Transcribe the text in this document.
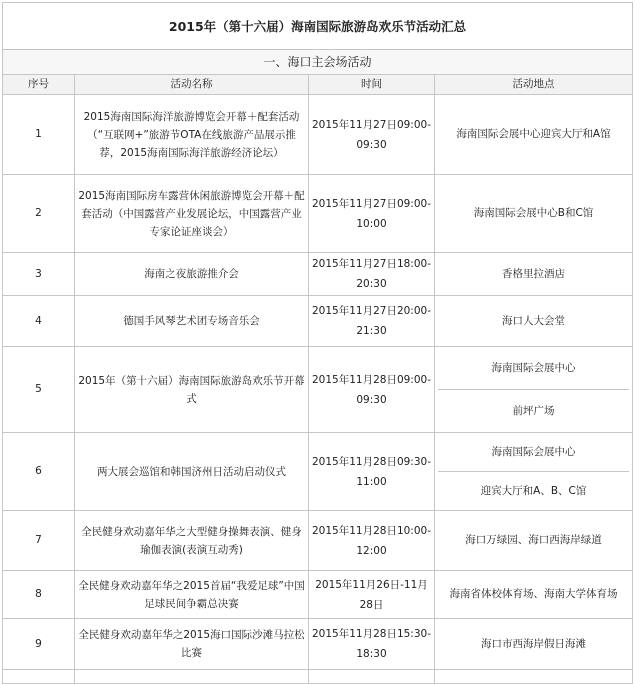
2015年（第十六届）海南国际旅游岛欢乐节活动汇总			
一、海口主会场活动			
序号	活动名称	时间	活动地点
1	2015海南国际海洋旅游博览会开幕＋配套活动（“互联网+”旅游节OTA在线旅游产品展示推荐，2015海南国际海洋旅游经济论坛）	2015年11月27日09:00-09:30	海南国际会展中心迎宾大厅和A馆
2	2015海南国际房车露营休闲旅游博览会开幕＋配套活动（中国露营产业发展论坛，中国露营产业专家论证座谈会）	2015年11月27日09:00-10:00	海南国际会展中心B和C馆
3	海南之夜旅游推介会	2015年11月27日18:00-20:30	香格里拉酒店
4	德国手风琴艺术团专场音乐会	2015年11月27日20:00-21:30	海口人大会堂
5	2015年（第十六届）海南国际旅游岛欢乐节开幕式	2015年11月28日09:00-09:30	海南国际会展中心
前坪广场

6	两大展会巡馆和韩国济州日活动启动仪式	2015年11月28日09:30-11:00	海南国际会展中心
迎宾大厅和A、B、C馆

7	全民健身欢动嘉年华之大型健身操舞表演、健身瑜伽表演(表演互动秀)	2015年11月28日10:00-12:00	海口万绿园、海口西海岸绿道
8	全民健身欢动嘉年华之2015首届“我爱足球”中国足球民间争霸总决赛	2015年11月26日-11月28日	海南省体校体育场、海南大学体育场
9	全民健身欢动嘉年华之2015海口国际沙滩马拉松比赛	2015年11月28日15:30-18:30	海口市西海岸假日海滩
